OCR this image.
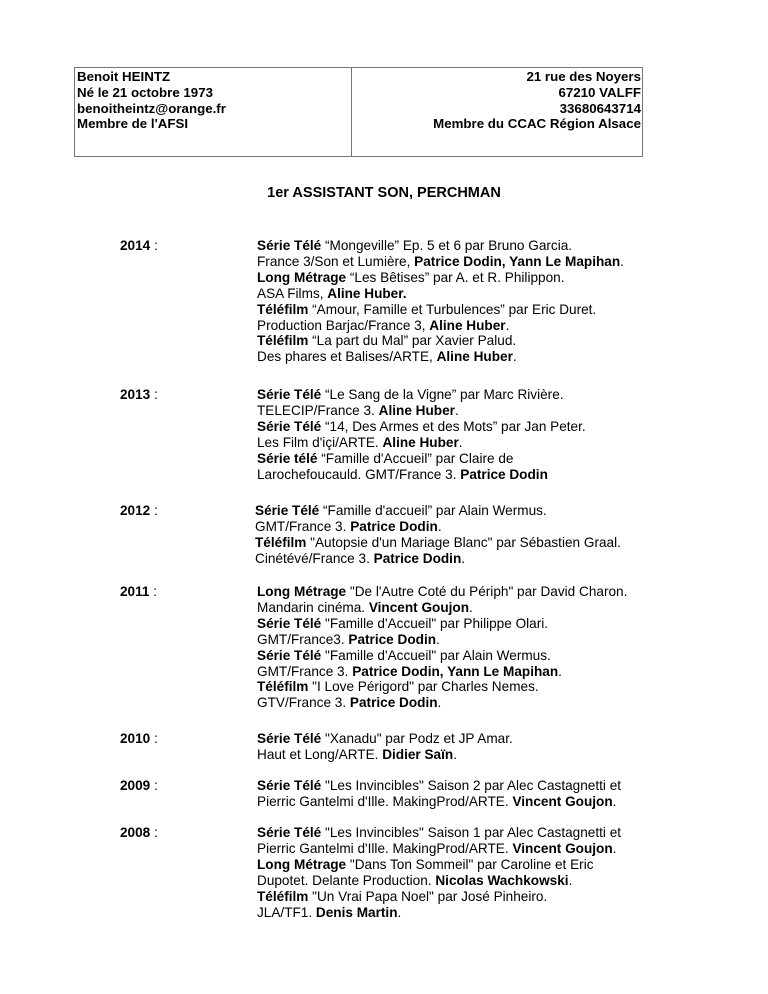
Benoit HEINTZ
Né le 21 octobre 1973
benoitheintz@orange.fr
Membre de l'AFSI
21 rue des Noyers
67210 VALFF
33680643714
Membre du CCAC Région Alsace
1er ASSISTANT SON, PERCHMAN
2014 :	Série Télé “Mongeville” Ep. 5 et 6 par Bruno Garcia.
France 3/Son et Lumière, Patrice Dodin, Yann Le Mapihan.
Long Métrage “Les Bêtises” par A. et R. Philippon.
ASA Films, Aline Huber.
Téléfilm “Amour, Famille et Turbulences” par Eric Duret.
Production Barjac/France 3, Aline Huber.
Téléfilm “La part du Mal” par Xavier Palud.
Des phares et Balises/ARTE, Aline Huber.
2013 :	Série Télé “Le Sang de la Vigne” par Marc Rivière.
TELECIP/France 3. Aline Huber.
Série Télé “14, Des Armes et des Mots” par Jan Peter.
Les Film d'içi/ARTE. Aline Huber.
Série télé “Famille d'Accueil” par Claire de
Larochefoucauld. GMT/France 3. Patrice Dodin
2012 :	Série Télé “Famille d'accueil” par Alain Wermus.
GMT/France 3. Patrice Dodin.
Téléfilm "Autopsie d'un Mariage Blanc" par Sébastien Graal.
Cinétévé/France 3. Patrice Dodin.
2011 :	Long Métrage "De l'Autre Coté du Périph" par David Charon.
Mandarin cinéma. Vincent Goujon.
Série Télé "Famille d'Accueil" par Philippe Olari.
GMT/France3. Patrice Dodin.
Série Télé "Famille d'Accueil" par Alain Wermus.
GMT/France 3. Patrice Dodin, Yann Le Mapihan.
Téléfilm "I Love Périgord" par Charles Nemes.
GTV/France 3. Patrice Dodin.
2010 :	Série Télé "Xanadu" par Podz et JP Amar.
Haut et Long/ARTE. Didier Saïn.
2009 :	Série Télé "Les Invincibles" Saison 2 par Alec Castagnetti et
Pierric Gantelmi d'Ille. MakingProd/ARTE. Vincent Goujon.
2008 :	Série Télé "Les Invincibles" Saison 1 par Alec Castagnetti et
Pierric Gantelmi d'Ille. MakingProd/ARTE. Vincent Goujon.
Long Métrage "Dans Ton Sommeil" par Caroline et Eric
Dupotet. Delante Production. Nicolas Wachkowski.
Téléfilm "Un Vrai Papa Noel" par José Pinheiro.
JLA/TF1. Denis Martin.
